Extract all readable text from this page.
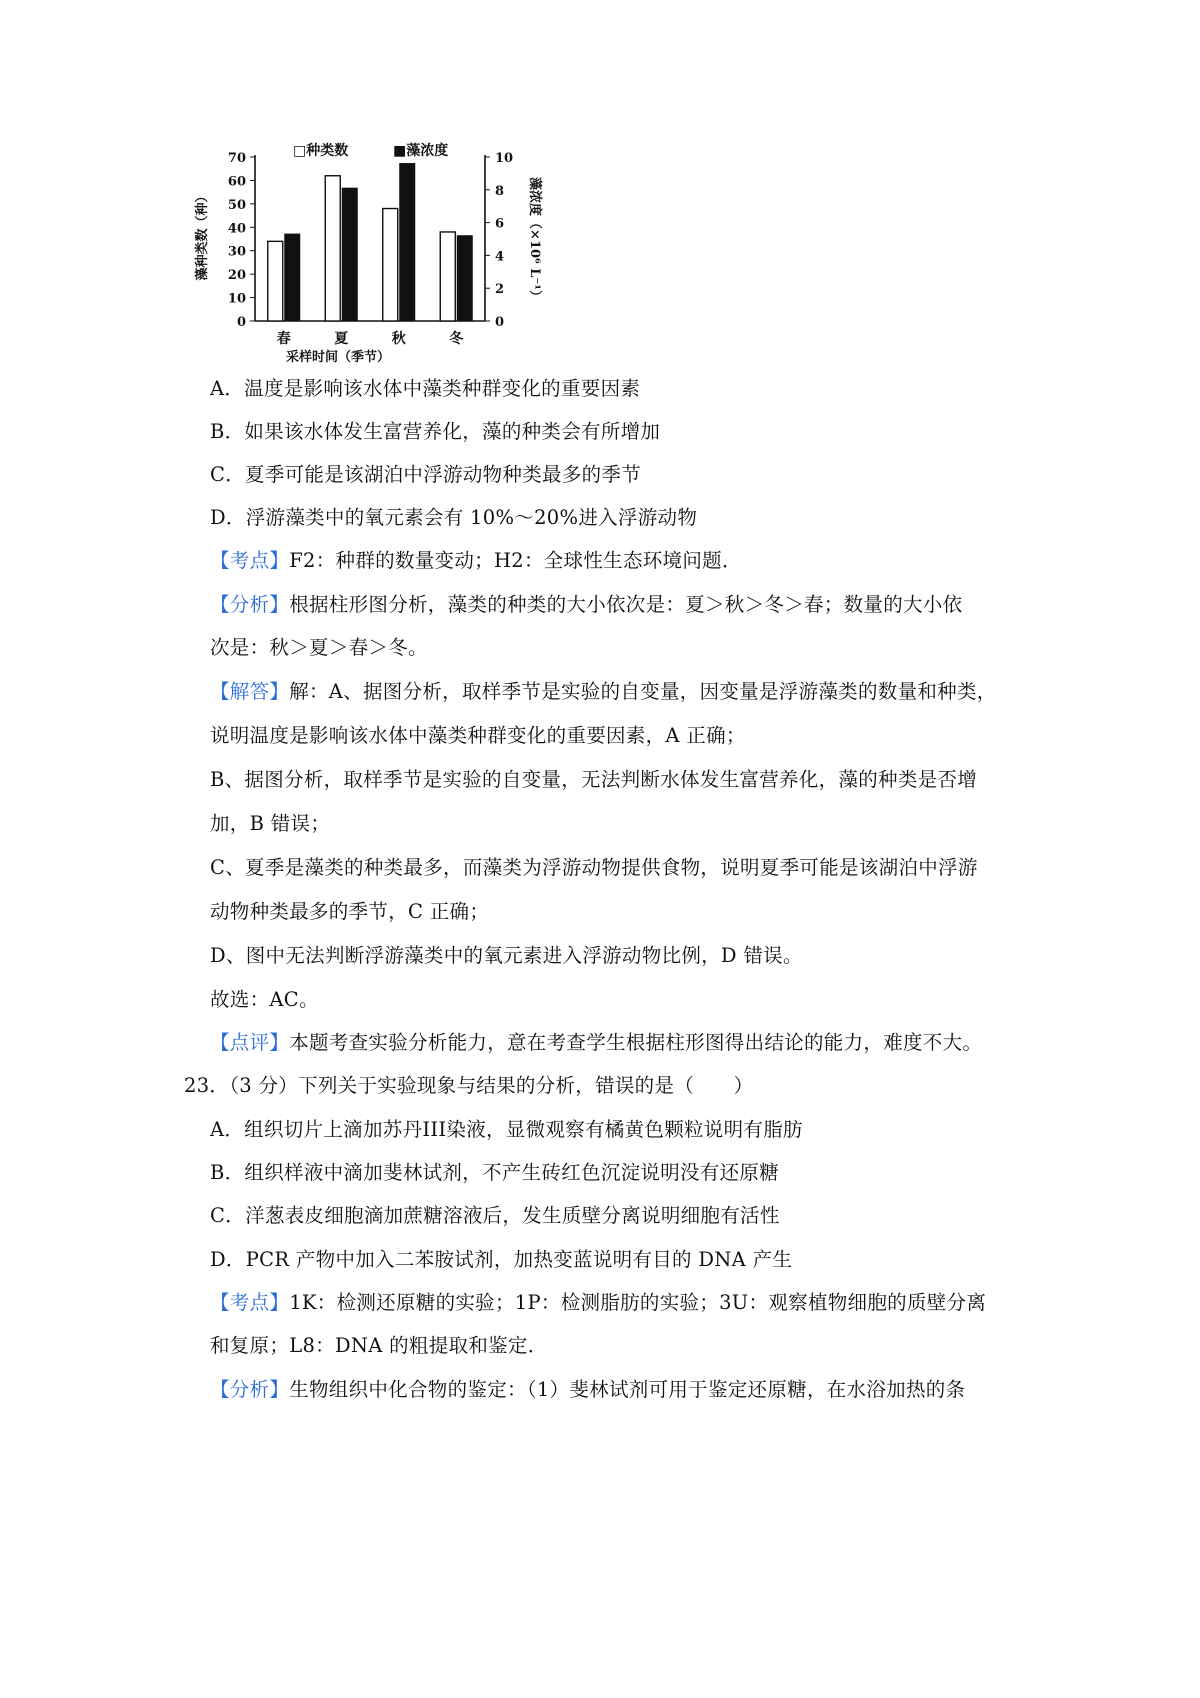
□种类数	■藻浓度
0
10
20
30
40
50
60
70
0
2
4
6
8
10
春	夏	秋	冬
藻种类数（种）	藻浓度（×10⁶ L⁻¹）
采样时间（季节）
A．温度是影响该水体中藻类种群变化的重要因素
B．如果该水体发生富营养化，藻的种类会有所增加
C．夏季可能是该湖泊中浮游动物种类最多的季节
D．浮游藻类中的氧元素会有 10%～20%进入浮游动物
【考点】F2：种群的数量变动；H2：全球性生态环境问题．
【分析】根据柱形图分析，藻类的种类的大小依次是：夏＞秋＞冬＞春；数量的大小依
次是：秋＞夏＞春＞冬。
【解答】解：A、据图分析，取样季节是实验的自变量，因变量是浮游藻类的数量和种类，
说明温度是影响该水体中藻类种群变化的重要因素，A 正确；
B、据图分析，取样季节是实验的自变量，无法判断水体发生富营养化，藻的种类是否增
加，B 错误；
C、夏季是藻类的种类最多，而藻类为浮游动物提供食物，说明夏季可能是该湖泊中浮游
动物种类最多的季节，C 正确；
D、图中无法判断浮游藻类中的氧元素进入浮游动物比例，D 错误。
故选：AC。
【点评】本题考查实验分析能力，意在考查学生根据柱形图得出结论的能力，难度不大。
23．（3 分）下列关于实验现象与结果的分析，错误的是（　　）
A．组织切片上滴加苏丹III染液，显微观察有橘黄色颗粒说明有脂肪
B．组织样液中滴加斐林试剂，不产生砖红色沉淀说明没有还原糖
C．洋葱表皮细胞滴加蔗糖溶液后，发生质壁分离说明细胞有活性
D．PCR 产物中加入二苯胺试剂，加热变蓝说明有目的 DNA 产生
【考点】1K：检测还原糖的实验；1P：检测脂肪的实验；3U：观察植物细胞的质壁分离
和复原；L8：DNA 的粗提取和鉴定．
【分析】生物组织中化合物的鉴定：（1）斐林试剂可用于鉴定还原糖，在水浴加热的条
